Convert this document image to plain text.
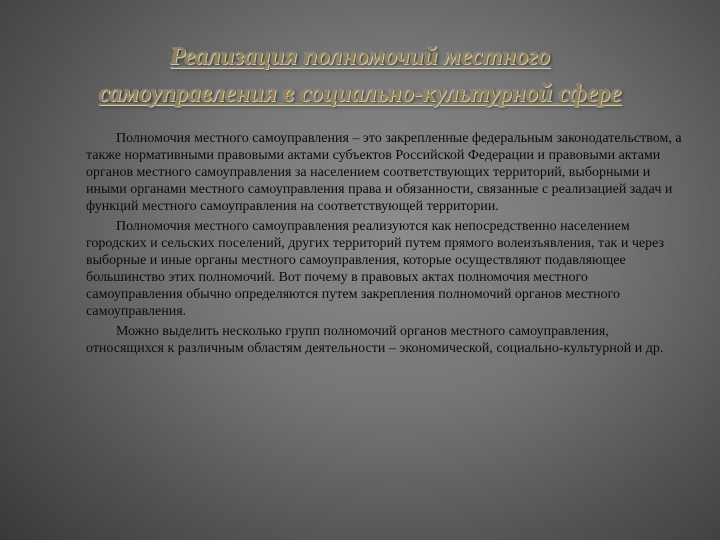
Реализация полномочий местного
самоуправления в социально-культурной сфере

Полномочия местного самоуправления – это закрепленные федеральным законодательством, а также нормативными правовыми актами субъектов Российской Федерации и правовыми актами органов местного самоуправления за населением соответствующих территорий, выборными и иными органами местного самоуправления права и обязанности, связанные с реализацией задач и функций местного самоуправления на соответствующей территории.

Полномочия местного самоуправления реализуются как непосредственно населением городских и сельских поселений, других территорий путем прямого волеизъявления, так и через выборные и иные органы местного самоуправления, которые осуществляют подавляющее большинство этих полномочий. Вот почему в правовых актах полномочия местного самоуправления обычно определяются путем закрепления полномочий органов местного самоуправления.

Можно выделить несколько групп полномочий органов местного самоуправления, относящихся к различным областям деятельности – экономической, социально-культурной и др.
